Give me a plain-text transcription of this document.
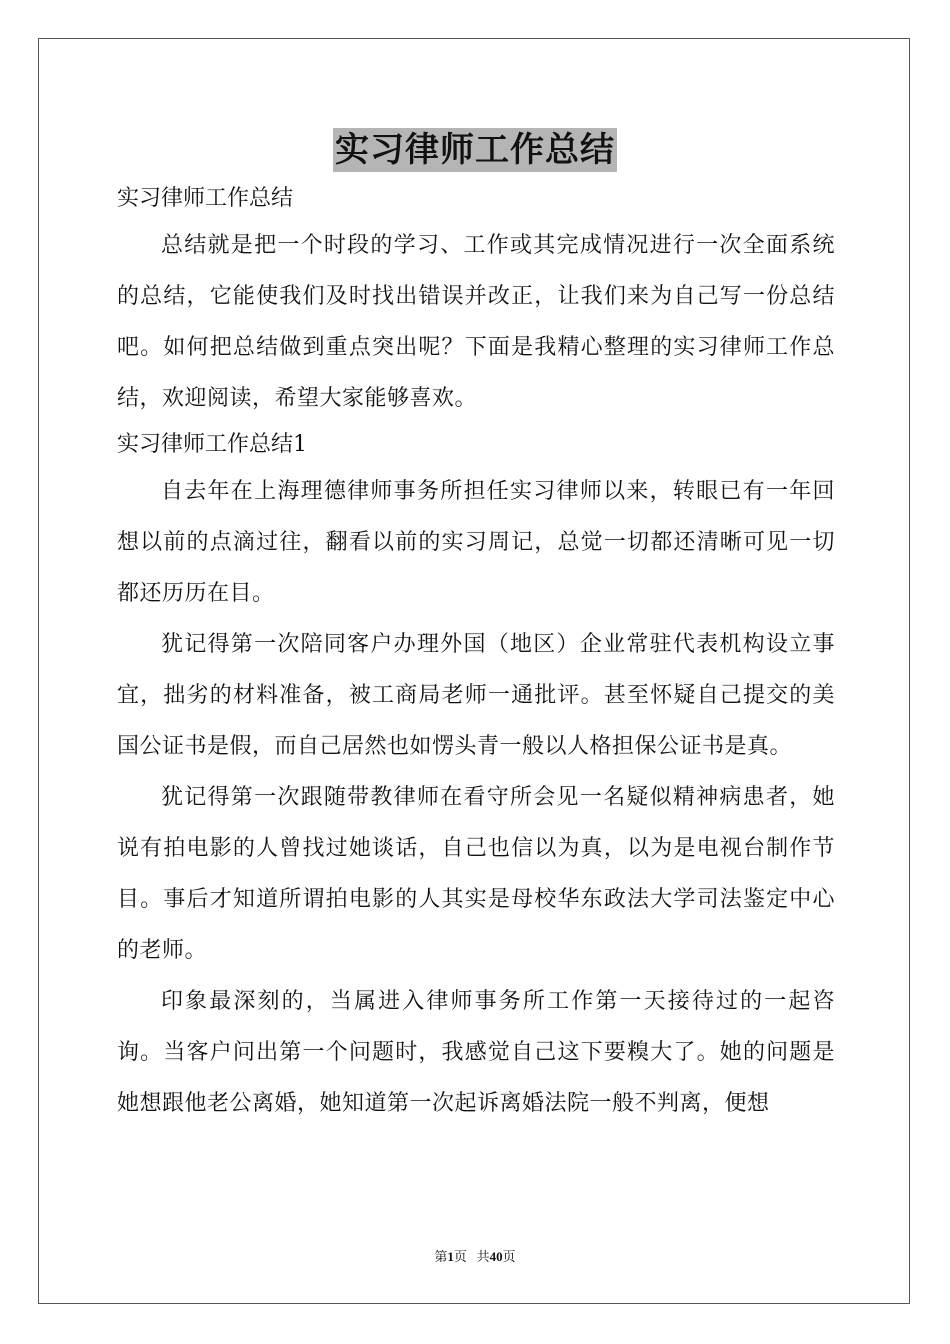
实习律师工作总结

实习律师工作总结

总结就是把一个时段的学习、工作或其完成情况进行一次全面系统的总结，它能使我们及时找出错误并改正，让我们来为自己写一份总结吧。如何把总结做到重点突出呢？下面是我精心整理的实习律师工作总结，欢迎阅读，希望大家能够喜欢。

实习律师工作总结1

自去年在上海理德律师事务所担任实习律师以来，转眼已有一年回想以前的点滴过往，翻看以前的实习周记，总觉一切都还清晰可见一切都还历历在目。

犹记得第一次陪同客户办理外国（地区）企业常驻代表机构设立事宜，拙劣的材料准备，被工商局老师一通批评。甚至怀疑自己提交的美国公证书是假，而自己居然也如愣头青一般以人格担保公证书是真。

犹记得第一次跟随带教律师在看守所会见一名疑似精神病患者，她说有拍电影的人曾找过她谈话，自己也信以为真，以为是电视台制作节目。事后才知道所谓拍电影的人其实是母校华东政法大学司法鉴定中心的老师。

印象最深刻的，当属进入律师事务所工作第一天接待过的一起咨询。当客户问出第一个问题时，我感觉自己这下要糗大了。她的问题是她想跟他老公离婚，她知道第一次起诉离婚法院一般不判离，便想

第1页 共40页
